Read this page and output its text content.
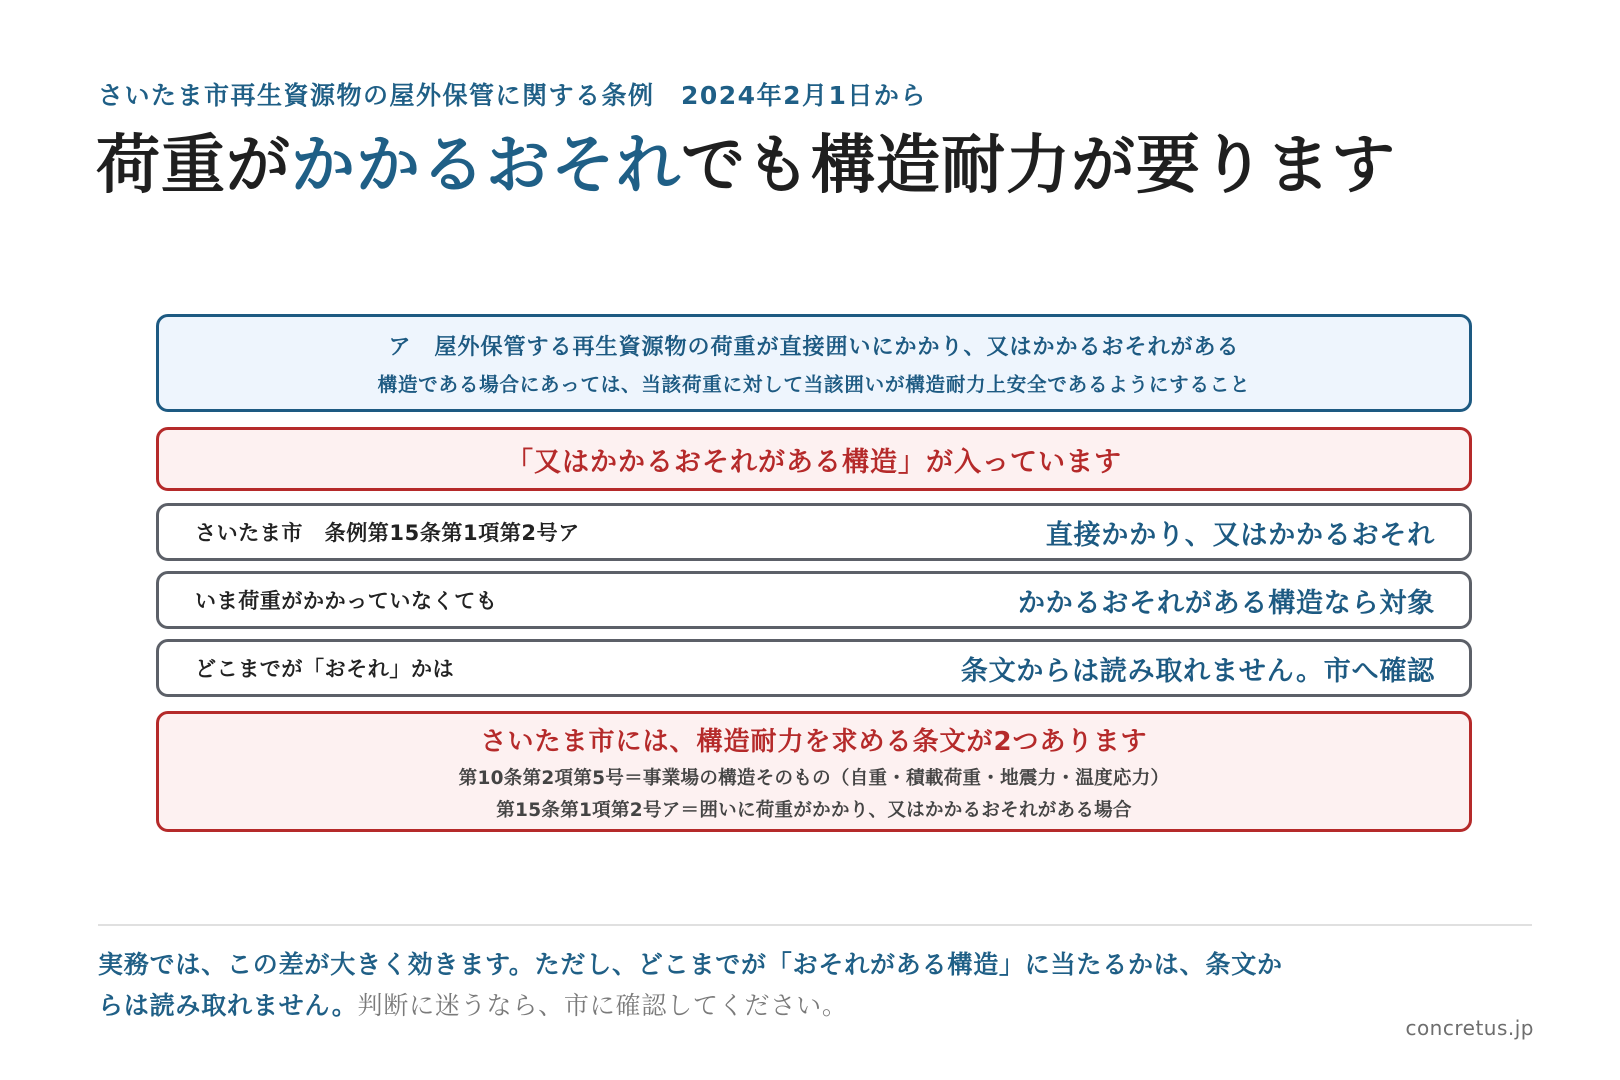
さいたま市再生資源物の屋外保管に関する条例　2024年2月1日から
荷重がかかるおそれでも構造耐力が要ります
ア　屋外保管する再生資源物の荷重が直接囲いにかかり、又はかかるおそれがある
構造である場合にあっては、当該荷重に対して当該囲いが構造耐力上安全であるようにすること
「又はかかるおそれがある構造」が入っています
さいたま市　条例第15条第1項第2号ア	直接かかり、又はかかるおそれ
いま荷重がかかっていなくても	かかるおそれがある構造なら対象
どこまでが「おそれ」かは	条文からは読み取れません。市へ確認
さいたま市には、構造耐力を求める条文が2つあります
第10条第2項第5号＝事業場の構造そのもの（自重・積載荷重・地震力・温度応力）
第15条第1項第2号ア＝囲いに荷重がかかり、又はかかるおそれがある場合

実務では、この差が大きく効きます。ただし、どこまでが「おそれがある構造」に当たるかは、条文からは読み取れません。判断に迷うなら、市に確認してください。

concretus.jp
